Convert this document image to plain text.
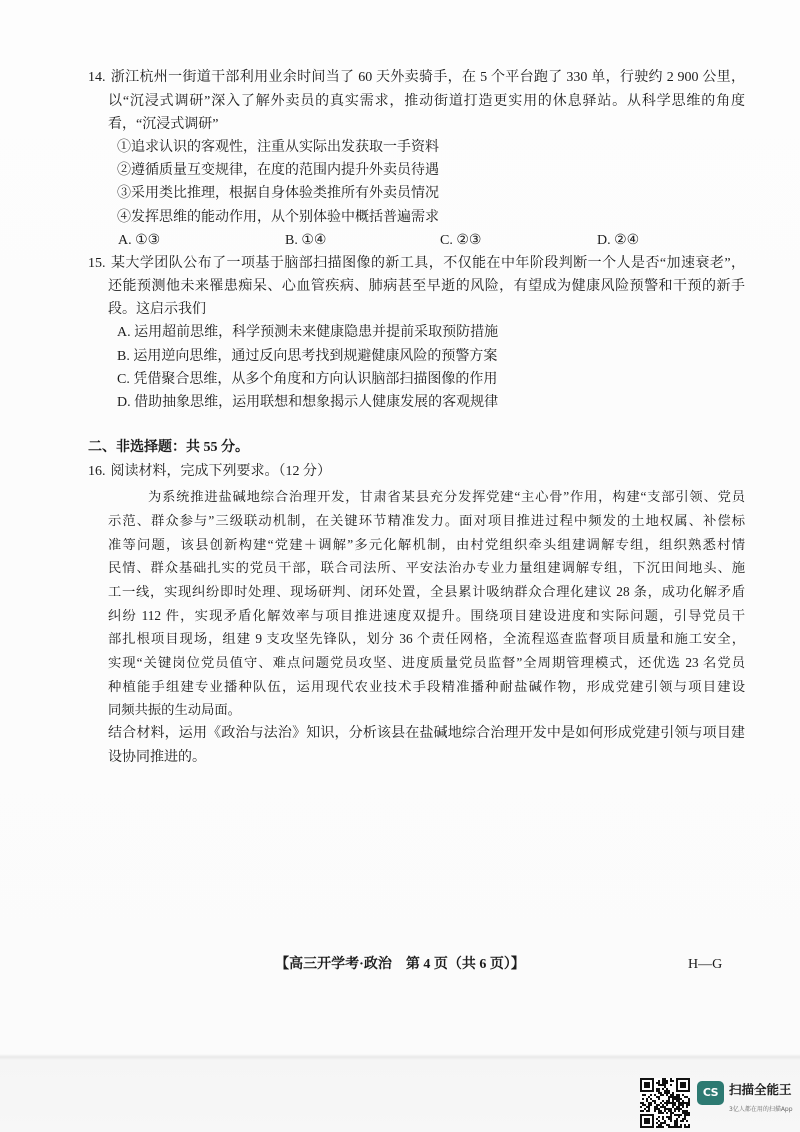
14. 浙江杭州一街道干部利用业余时间当了 60 天外卖骑手，在 5 个平台跑了 330 单，行驶约 2 900 公里，
以“沉浸式调研”深入了解外卖员的真实需求，推动街道打造更实用的休息驿站。从科学思维的角度
看，“沉浸式调研”
①追求认识的客观性，注重从实际出发获取一手资料
②遵循质量互变规律，在度的范围内提升外卖员待遇
③采用类比推理，根据自身体验类推所有外卖员情况
④发挥思维的能动作用，从个别体验中概括普遍需求
A. ①③	B. ①④	C. ②③	D. ②④
15. 某大学团队公布了一项基于脑部扫描图像的新工具，不仅能在中年阶段判断一个人是否“加速衰老”，
还能预测他未来罹患痴呆、心血管疾病、肺病甚至早逝的风险，有望成为健康风险预警和干预的新手
段。这启示我们
A. 运用超前思维，科学预测未来健康隐患并提前采取预防措施
B. 运用逆向思维，通过反向思考找到规避健康风险的预警方案
C. 凭借聚合思维，从多个角度和方向认识脑部扫描图像的作用
D. 借助抽象思维，运用联想和想象揭示人健康发展的客观规律
二、非选择题：共 55 分。
16. 阅读材料，完成下列要求。（12 分）
为系统推进盐碱地综合治理开发，甘肃省某县充分发挥党建“主心骨”作用，构建“支部引领、党员
示范、群众参与”三级联动机制，在关键环节精准发力。面对项目推进过程中频发的土地权属、补偿标
准等问题，该县创新构建“党建＋调解”多元化解机制，由村党组织牵头组建调解专组，组织熟悉村情
民情、群众基础扎实的党员干部，联合司法所、平安法治办专业力量组建调解专组，下沉田间地头、施
工一线，实现纠纷即时处理、现场研判、闭环处置，全县累计吸纳群众合理化建议 28 条，成功化解矛盾
纠纷 112 件，实现矛盾化解效率与项目推进速度双提升。围绕项目建设进度和实际问题，引导党员干
部扎根项目现场，组建 9 支攻坚先锋队，划分 36 个责任网格，全流程巡查监督项目质量和施工安全，
实现“关键岗位党员值守、难点问题党员攻坚、进度质量党员监督”全周期管理模式，还优选 23 名党员
种植能手组建专业播种队伍，运用现代农业技术手段精准播种耐盐碱作物，形成党建引领与项目建设
同频共振的生动局面。
结合材料，运用《政治与法治》知识，分析该县在盐碱地综合治理开发中是如何形成党建引领与项目建
设协同推进的。
【高三开学考·政治　第 4 页（共 6 页）】	H—G
CS 扫描全能王
3亿人都在用的扫描App
